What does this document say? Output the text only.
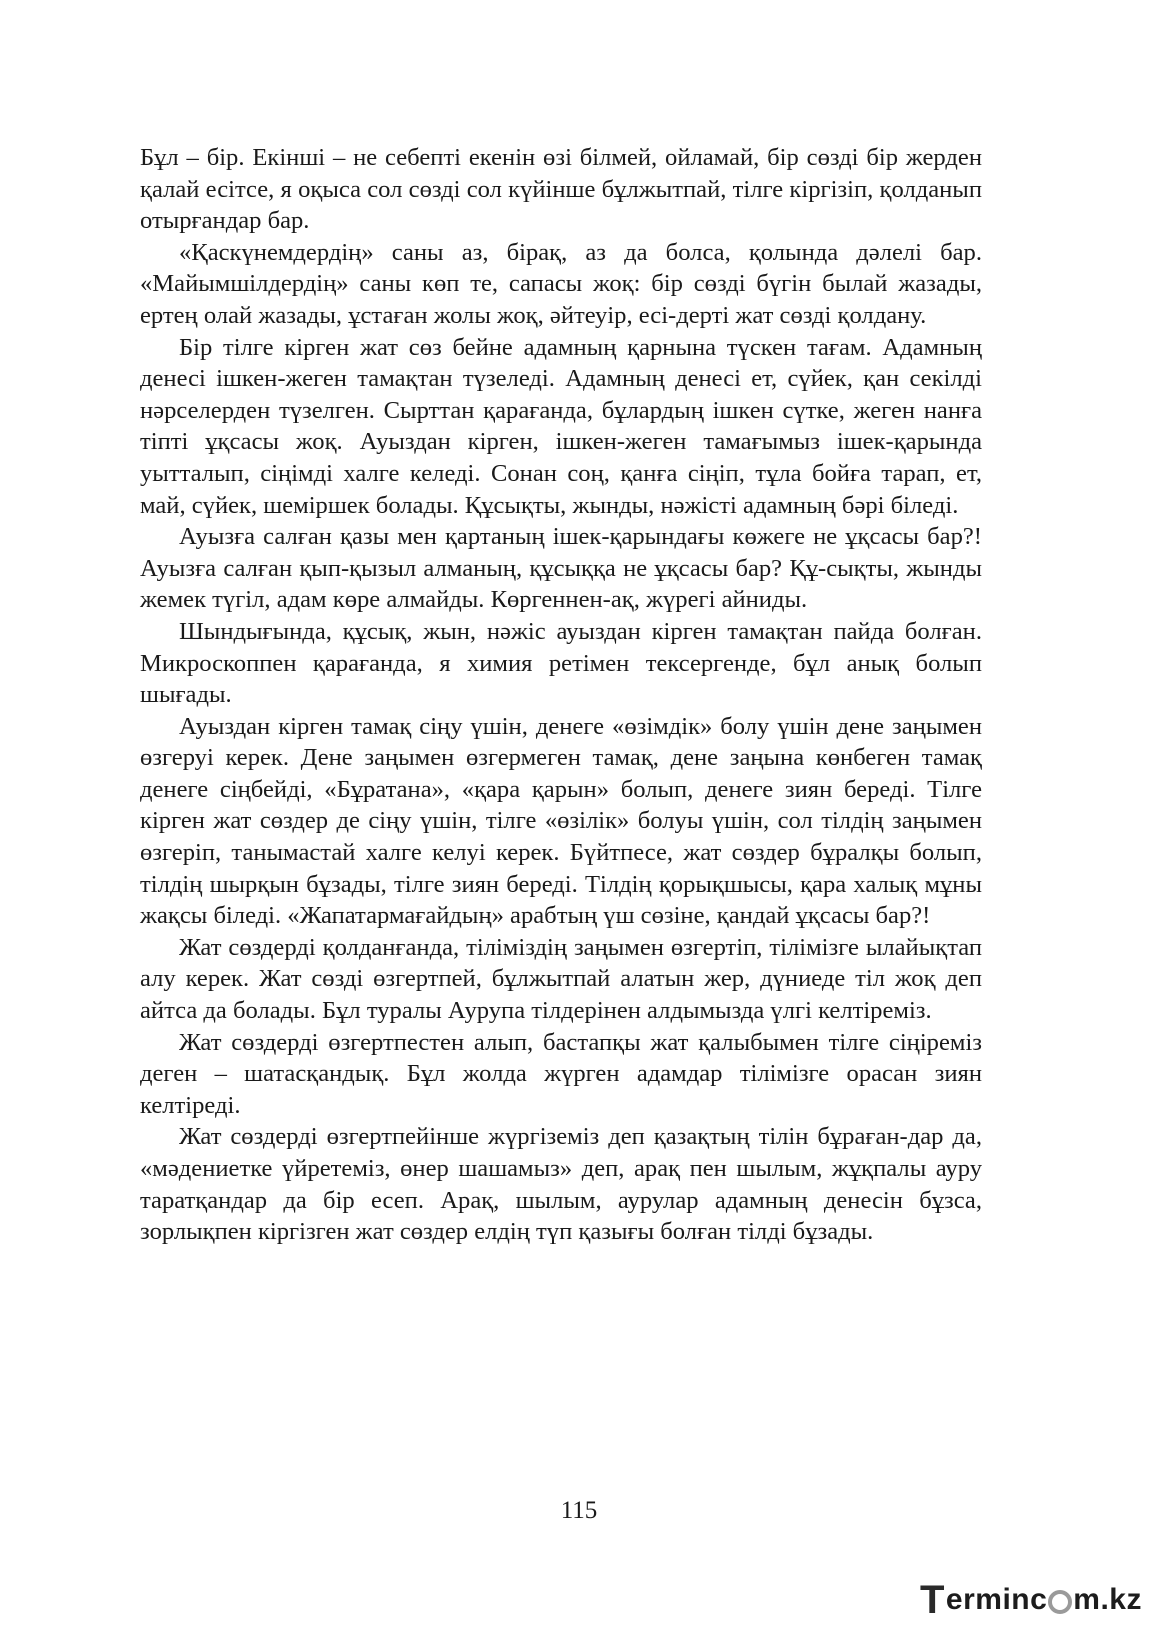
Бұл – бір. Екінші – не себепті екенін өзі білмей, ойламай, бір сөзді бір жерден қалай есітсе, я оқыса сол сөзді сол күйінше бұлжытпай, тілге кіргізіп, қолданып отырғандар бар.

«Қаскүнемдердің» саны аз, бірақ, аз да болса, қолында дәлелі бар. «Майымшілдердің» саны көп те, сапасы жоқ: бір сөзді бүгін былай жазады, ертең олай жазады, ұстаған жолы жоқ, әйтеуір, есі-дерті жат сөзді қолдану.

Бір тілге кірген жат сөз бейне адамның қарнына түскен тағам. Адамның денесі ішкен-жеген тамақтан түзеледі. Адамның денесі ет, сүйек, қан секілді нәрселерден түзелген. Сырттан қарағанда, бұлардың ішкен сүтке, жеген нанға тіпті ұқсасы жоқ. Ауыздан кірген, ішкен-жеген тамағымыз ішек-қарында уытталып, сіңімді халге келеді. Сонан соң, қанға сіңіп, тұла бойға тарап, ет, май, сүйек, шеміршек болады. Құсықты, жынды, нәжісті адамның бәрі біледі.

Ауызға салған қазы мен қартаның ішек-қарындағы көжеге не ұқсасы бар?! Ауызға салған қып-қызыл алманың, құсыққа не ұқсасы бар? Құ-сықты, жынды жемек түгіл, адам көре алмайды. Көргеннен-ақ, жүрегі айниды.

Шындығында, құсық, жын, нәжіс ауыздан кірген тамақтан пайда болған. Микроскоппен қарағанда, я химия ретімен тексергенде, бұл анық болып шығады.

Ауыздан кірген тамақ сіңу үшін, денеге «өзімдік» болу үшін дене заңымен өзгеруі керек. Дене заңымен өзгермеген тамақ, дене заңына көнбеген тамақ денеге сіңбейді, «Бұратана», «қара қарын» болып, денеге зиян береді. Тілге кірген жат сөздер де сіңу үшін, тілге «өзілік» болуы үшін, сол тілдің заңымен өзгеріп, танымастай халге келуі керек. Бүйтпесе, жат сөздер бұралқы болып, тілдің шырқын бұзады, тілге зиян береді. Тілдің қорықшысы, қара халық мұны жақсы біледі. «Жапатармағайдың» арабтың үш сөзіне, қандай ұқсасы бар?!

Жат сөздерді қолданғанда, тіліміздің заңымен өзгертіп, тілімізге ылайықтап алу керек. Жат сөзді өзгертпей, бұлжытпай алатын жер, дүниеде тіл жоқ деп айтса да болады. Бұл туралы Аурупа тілдерінен алдымызда үлгі келтіреміз.

Жат сөздерді өзгертпестен алып, бастапқы жат қалыбымен тілге сіңіреміз деген – шатасқандық. Бұл жолда жүрген адамдар тілімізге орасан зиян келтіреді.

Жат сөздерді өзгертпейінше жүргіземіз деп қазақтың тілін бұраған-дар да, «мәдениетке үйретеміз, өнер шашамыз» деп, арақ пен шылым, жұқпалы ауру таратқандар да бір есеп. Арақ, шылым, аурулар адамның денесін бұзса, зорлықпен кіргізген жат сөздер елдің түп қазығы болған тілді бұзады.

115
T erminc m.kz
